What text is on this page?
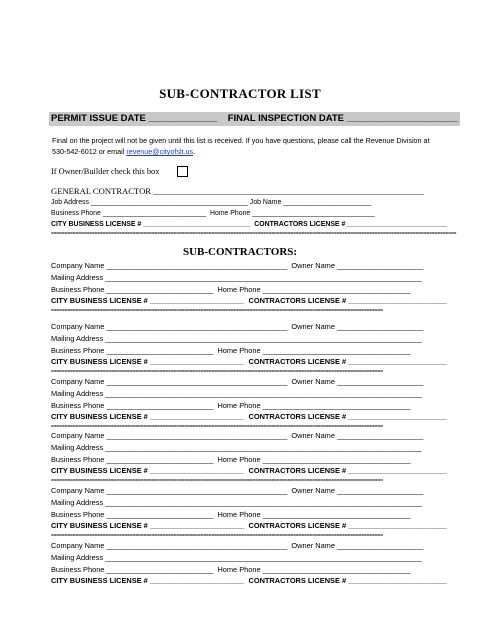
SUB-CONTRACTOR LIST
PERMIT ISSUE DATE _____________    FINAL INSPECTION DATE _____________________
Final on the project will not be given until this list is received. If you have questions, please call the Revenue Division at 530-542-6012 or email revenue@cityofslt.us.
If Owner/Builder check this box
GENERAL CONTRACTOR _______________________________________________________________
Job Address _________________________________________ Job Name _______________________
Business Phone ___________________________  Home Phone ________________________________
CITY BUSINESS LICENSE # ____________________________  CONTRACTORS LICENSE # __________________________
=====================================================================================================================================================
SUB-CONTRACTORS:
Company Name ____________________________________________  Owner Name _____________________
Mailing Address _____________________________________________________________________________
Business Phone __________________________  Home Phone ____________________________________
CITY BUSINESS LICENSE # _______________________  CONTRACTORS LICENSE # ________________________
==========================================================================================================================
Company Name ____________________________________________  Owner Name _____________________
Mailing Address _____________________________________________________________________________
Business Phone __________________________  Home Phone ____________________________________
CITY BUSINESS LICENSE # _______________________  CONTRACTORS LICENSE # ________________________
==========================================================================================================================
Company Name ____________________________________________  Owner Name _____________________
Mailing Address _____________________________________________________________________________
Business Phone __________________________  Home Phone ____________________________________
CITY BUSINESS LICENSE # _______________________  CONTRACTORS LICENSE # ________________________
==========================================================================================================================
Company Name ____________________________________________  Owner Name _____________________
Mailing Address _____________________________________________________________________________
Business Phone __________________________  Home Phone ____________________________________
CITY BUSINESS LICENSE # _______________________  CONTRACTORS LICENSE # ________________________
==========================================================================================================================
Company Name ____________________________________________  Owner Name _____________________
Mailing Address _____________________________________________________________________________
Business Phone __________________________  Home Phone ____________________________________
CITY BUSINESS LICENSE # _______________________  CONTRACTORS LICENSE # ________________________
==========================================================================================================================
Company Name ____________________________________________  Owner Name _____________________
Mailing Address _____________________________________________________________________________
Business Phone __________________________  Home Phone ____________________________________
CITY BUSINESS LICENSE # _______________________  CONTRACTORS LICENSE # ________________________
